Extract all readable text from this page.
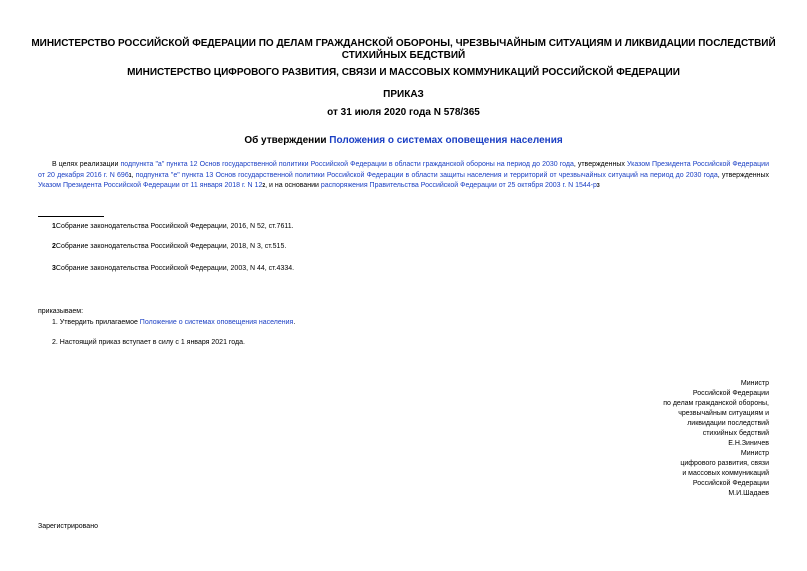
МИНИСТЕРСТВО РОССИЙСКОЙ ФЕДЕРАЦИИ ПО ДЕЛАМ ГРАЖДАНСКОЙ ОБОРОНЫ, ЧРЕЗВЫЧАЙНЫМ СИТУАЦИЯМ И ЛИКВИДАЦИИ ПОСЛЕДСТВИЙ СТИХИЙНЫХ БЕДСТВИЙ
МИНИСТЕРСТВО ЦИФРОВОГО РАЗВИТИЯ, СВЯЗИ И МАССОВЫХ КОММУНИКАЦИЙ РОССИЙСКОЙ ФЕДЕРАЦИИ
ПРИКАЗ
от 31 июля 2020 года N 578/365
Об утверждении Положения о системах оповещения населения
В целях реализации подпункта "а" пункта 12 Основ государственной политики Российской Федерации в области гражданской обороны на период до 2030 года, утвержденных Указом Президента Российской Федерации от 20 декабря 2016 г. N 6961, подпункта "е" пункта 13 Основ государственной политики Российской Федерации в области защиты населения и территорий от чрезвычайных ситуаций на период до 2030 года, утвержденных Указом Президента Российской Федерации от 11 января 2018 г. N 122, и на основании распоряжения Правительства Российской Федерации от 25 октября 2003 г. N 1544-р3
1Собрание законодательства Российской Федерации, 2016, N 52, ст.7611.
2Собрание законодательства Российской Федерации, 2018, N 3, ст.515.
3Собрание законодательства Российской Федерации, 2003, N 44, ст.4334.
приказываем:
1. Утвердить прилагаемое Положение о системах оповещения населения.
2. Настоящий приказ вступает в силу с 1 января 2021 года.
Министр
Российской Федерации
по делам гражданской обороны,
чрезвычайным ситуациям и
ликвидации последствий
стихийных бедствий
Е.Н.Зиничев
Министр
цифрового развития, связи
и массовых коммуникаций
Российской Федерации
М.И.Шадаев
Зарегистрировано
